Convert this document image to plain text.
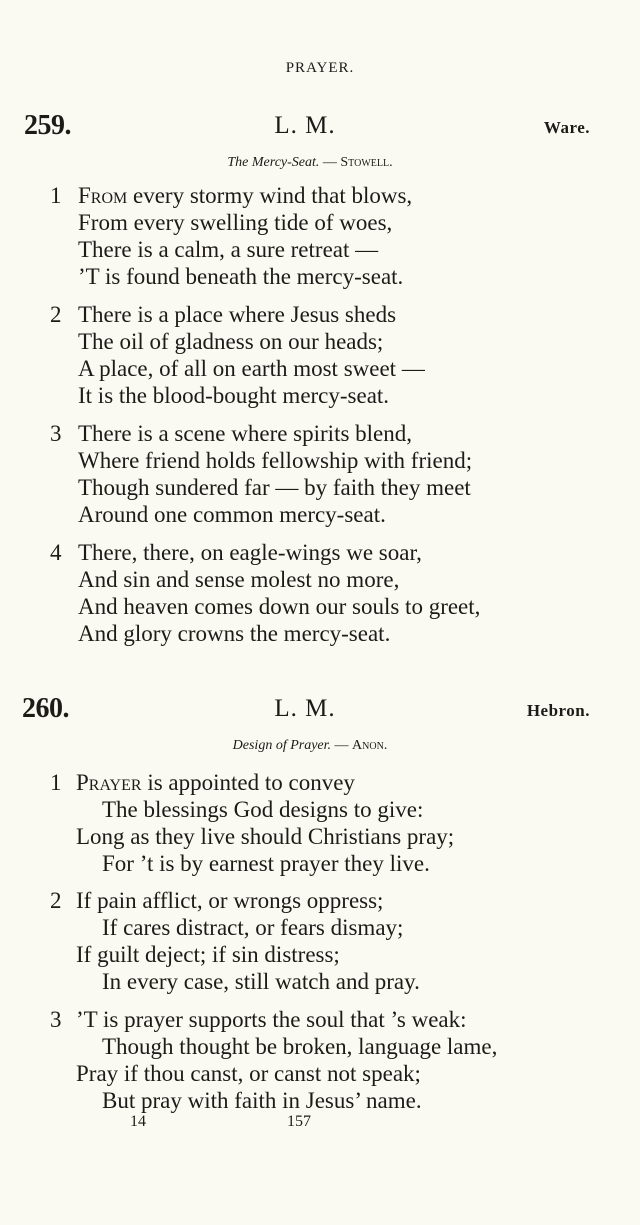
PRAYER.
259.	L. M.	Ware.
The Mercy-Seat. — Stowell.
1 From every stormy wind that blows,
From every swelling tide of woes,
There is a calm, a sure retreat —
’T is found beneath the mercy-seat.
2 There is a place where Jesus sheds
The oil of gladness on our heads;
A place, of all on earth most sweet —
It is the blood-bought mercy-seat.
3 There is a scene where spirits blend,
Where friend holds fellowship with friend;
Though sundered far — by faith they meet
Around one common mercy-seat.
4 There, there, on eagle-wings we soar,
And sin and sense molest no more,
And heaven comes down our souls to greet,
And glory crowns the mercy-seat.
260.	L. M.	Hebron.
Design of Prayer. — Anon.
1 Prayer is appointed to convey
The blessings God designs to give:
Long as they live should Christians pray;
For ’t is by earnest prayer they live.
2 If pain afflict, or wrongs oppress;
If cares distract, or fears dismay;
If guilt deject; if sin distress;
In every case, still watch and pray.
3 ’T is prayer supports the soul that ’s weak:
Though thought be broken, language lame,
Pray if thou canst, or canst not speak;
But pray with faith in Jesus’ name.
14	157
